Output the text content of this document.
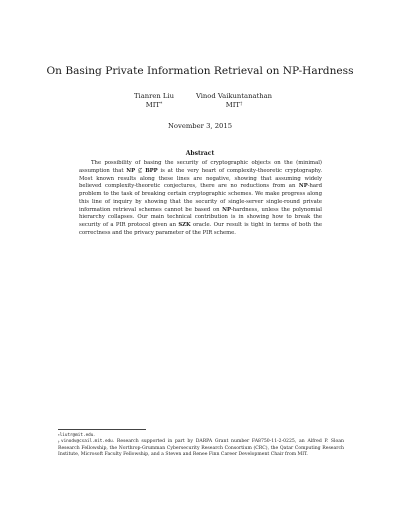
On Basing Private Information Retrieval on NP-Hardness
Tianren Liu
MIT*
Vinod Vaikuntanathan
MIT†
November 3, 2015
Abstract

The possibility of basing the security of cryptographic objects on the (minimal) assumption that NP ⊈ BPP is at the very heart of complexity-theoretic cryptography. Most known results along these lines are negative, showing that assuming widely believed complexity-theoretic conjectures, there are no reductions from an NP-hard problem to the task of breaking certain cryptographic schemes. We make progress along this line of inquiry by showing that the security of single-server single-round private information retrieval schemes cannot be based on NP-hardness, unless the polynomial hierarchy collapses. Our main technical contribution is in showing how to break the security of a PIR protocol given an SZK oracle. Our result is tight in terms of both the correctness and the privacy parameter of the PIR scheme.

*liutr@mit.edu.

†vinodv@csail.mit.edu. Research supported in part by DARPA Grant number FA8750-11-2-0225, an Alfred P. Sloan Research Fellowship, the Northrop-Grumman Cybersecurity Research Consortium (CRC), the Qatar Computing Research Institute, Microsoft Faculty Fellowship, and a Steven and Renee Finn Career Development Chair from MIT.
